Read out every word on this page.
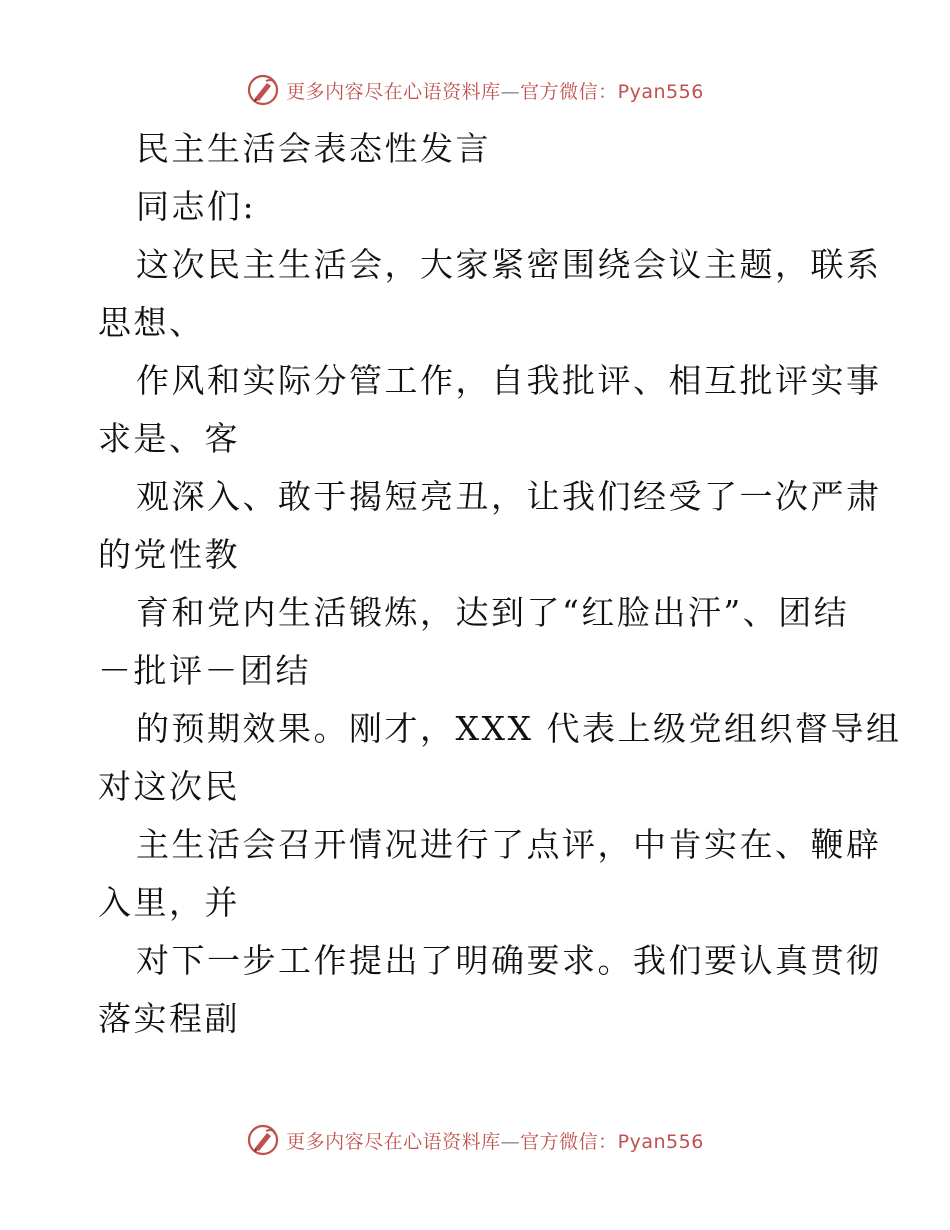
更多内容尽在心语资料库—官方微信：Pyan556
民主生活会表态性发言
同志们:
这次民主生活会，大家紧密围绕会议主题，联系
思想、
作风和实际分管工作，自我批评、相互批评实事
求是、客
观深入、敢于揭短亮丑，让我们经受了一次严肃
的党性教
育和党内生活锻炼，达到了“红脸出汗”、团结
－批评－团结
的预期效果。刚才，XXX 代表上级党组织督导组
对这次民
主生活会召开情况进行了点评，中肯实在、鞭辟
入里，并
对下一步工作提出了明确要求。我们要认真贯彻
落实程副
更多内容尽在心语资料库—官方微信：Pyan556
